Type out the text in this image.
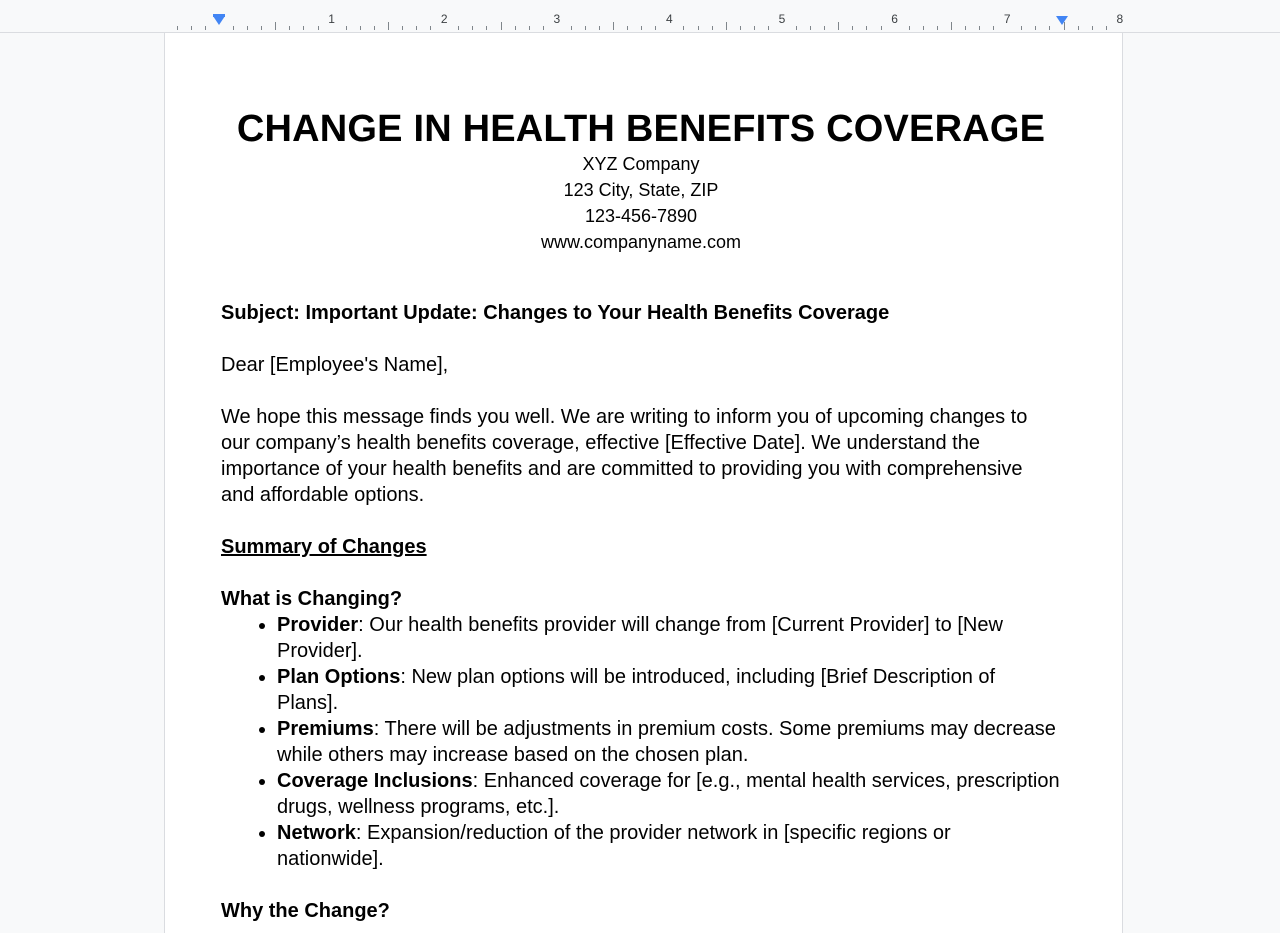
1	2	3	4	5	6	7	8
CHANGE IN HEALTH BENEFITS COVERAGE
XYZ Company
123 City, State, ZIP
123-456-7890
www.companyname.com

Subject: Important Update: Changes to Your Health Benefits Coverage

Dear [Employee's Name],

We hope this message finds you well. We are writing to inform you of upcoming changes to our company’s health benefits coverage, effective [Effective Date]. We understand the importance of your health benefits and are committed to providing you with comprehensive and affordable options.

Summary of Changes

What is Changing?

• Provider: Our health benefits provider will change from [Current Provider] to [New Provider].
• Plan Options: New plan options will be introduced, including [Brief Description of Plans].
• Premiums: There will be adjustments in premium costs. Some premiums may decrease while others may increase based on the chosen plan.
• Coverage Inclusions: Enhanced coverage for [e.g., mental health services, prescription drugs, wellness programs, etc.].
• Network: Expansion/reduction of the provider network in [specific regions or nationwide].

Why the Change?
